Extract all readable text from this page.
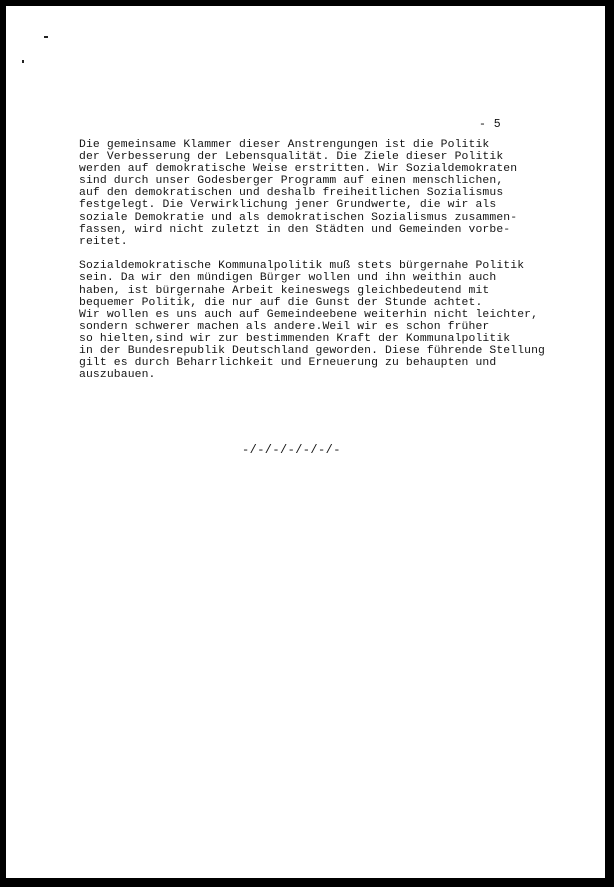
- 5

Die gemeinsame Klammer dieser Anstrengungen ist die Politik
der Verbesserung der Lebensqualität. Die Ziele dieser Politik
werden auf demokratische Weise erstritten. Wir Sozialdemokraten
sind durch unser Godesberger Programm auf einen menschlichen,
auf den demokratischen und deshalb freiheitlichen Sozialismus
festgelegt. Die Verwirklichung jener Grundwerte, die wir als
soziale Demokratie und als demokratischen Sozialismus zusammen-
fassen, wird nicht zuletzt in den Städten und Gemeinden vorbe-
reitet.

Sozialdemokratische Kommunalpolitik muß stets bürgernahe Politik
sein. Da wir den mündigen Bürger wollen und ihn weithin auch
haben, ist bürgernahe Arbeit keineswegs gleichbedeutend mit
bequemer Politik, die nur auf die Gunst der Stunde achtet.
Wir wollen es uns auch auf Gemeindeebene weiterhin nicht leichter,
sondern schwerer machen als andere.Weil wir es schon früher
so hielten,sind wir zur bestimmenden Kraft der Kommunalpolitik
in der Bundesrepublik Deutschland geworden. Diese führende Stellung
gilt es durch Beharrlichkeit und Erneuerung zu behaupten und
auszubauen.

-/-/-/-/-/-/-
